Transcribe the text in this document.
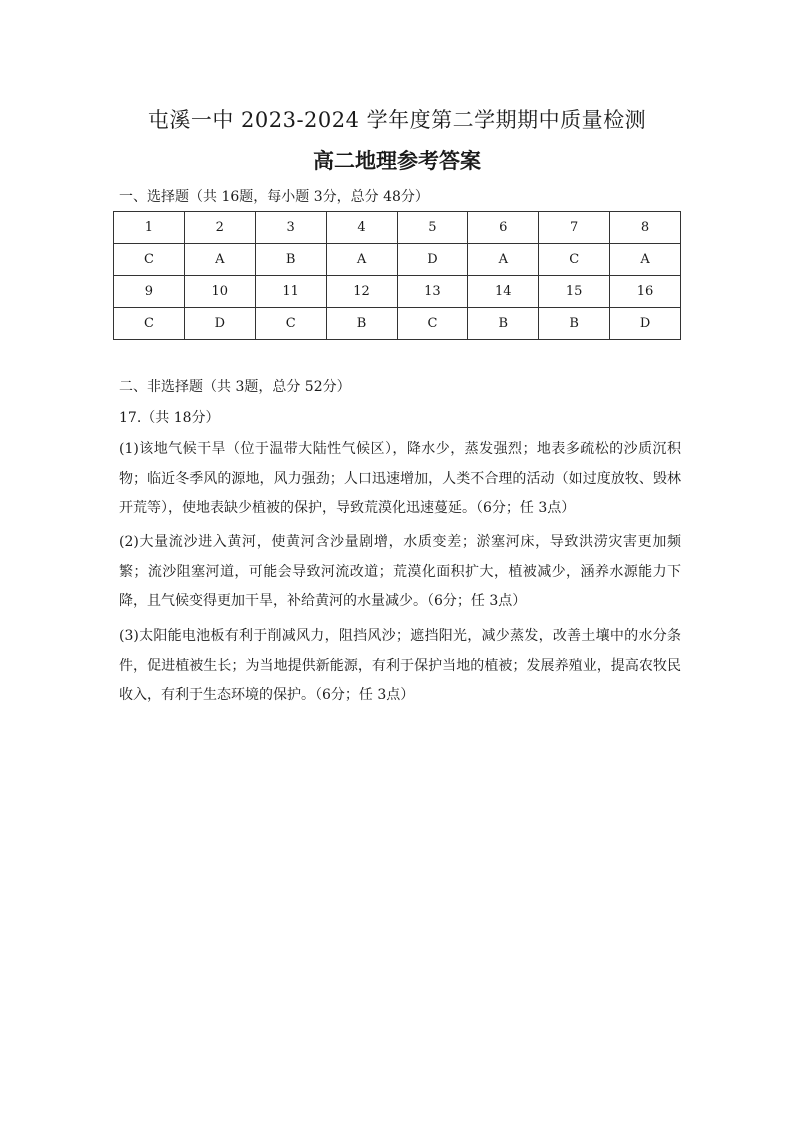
屯溪一中 2023-2024 学年度第二学期期中质量检测
高二地理参考答案
一、选择题（共 16题，每小题 3分，总分 48分）
1	2	3	4	5	6	7	8
C	A	B	A	D	A	C	A
9	10	11	12	13	14	15	16
C	D	C	B	C	B	B	D
二、非选择题（共 3题，总分 52分）
17.（共 18分）
(1)该地气候干旱（位于温带大陆性气候区），降水少，蒸发强烈；地表多疏松的沙质沉积物；临近冬季风的源地，风力强劲；人口迅速增加，人类不合理的活动（如过度放牧、毁林开荒等），使地表缺少植被的保护，导致荒漠化迅速蔓延。（6分；任 3点）
(2)大量流沙进入黄河，使黄河含沙量剧增，水质变差；淤塞河床，导致洪涝灾害更加频繁；流沙阻塞河道，可能会导致河流改道；荒漠化面积扩大，植被减少，涵养水源能力下降，且气候变得更加干旱，补给黄河的水量减少。（6分；任 3点）
(3)太阳能电池板有利于削减风力，阻挡风沙；遮挡阳光，减少蒸发，改善土壤中的水分条件，促进植被生长；为当地提供新能源，有利于保护当地的植被；发展养殖业，提高农牧民收入，有利于生态环境的保护。（6分；任 3点）
